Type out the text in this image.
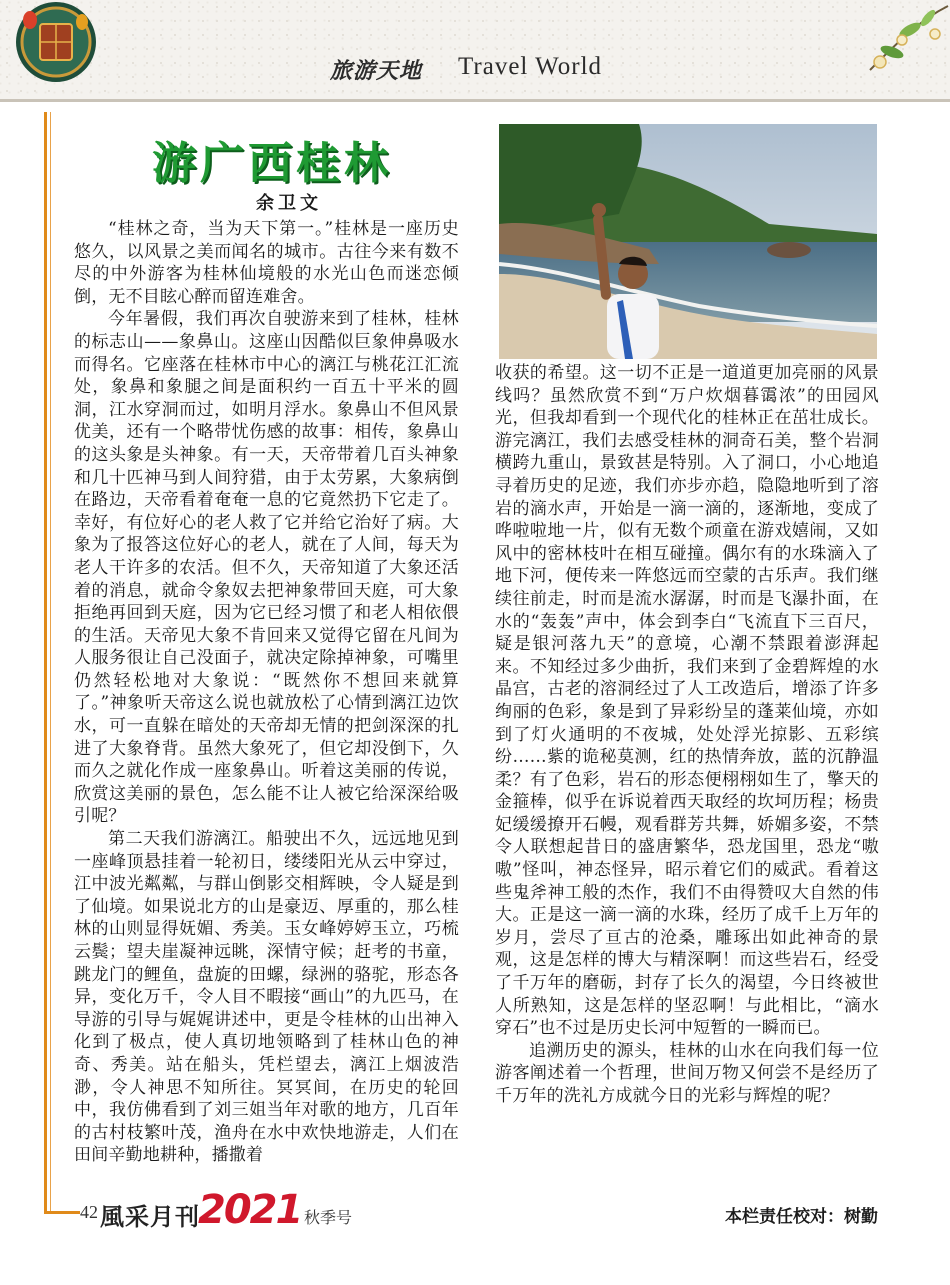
旅游天地 Travel World
游广西桂林
余卫文

“桂林之奇，当为天下第一。”桂林是一座历史悠久，以风景之美而闻名的城市。古往今来有数不尽的中外游客为桂林仙境般的水光山色而迷恋倾倒，无不目眩心醉而留连难舍。

今年暑假，我们再次自驶游来到了桂林，桂林的标志山——象鼻山。这座山因酷似巨象伸鼻吸水而得名。它座落在桂林市中心的漓江与桃花江汇流处，象鼻和象腿之间是面积约一百五十平米的圆洞，江水穿洞而过，如明月浮水。象鼻山不但风景优美，还有一个略带忧伤感的故事：相传，象鼻山的这头象是头神象。有一天，天帝带着几百头神象和几十匹神马到人间狩猎，由于太劳累，大象病倒在路边，天帝看着奄奄一息的它竟然扔下它走了。幸好，有位好心的老人救了它并给它治好了病。大象为了报答这位好心的老人，就在了人间，每天为老人干许多的农活。但不久，天帝知道了大象还活着的消息，就命令象奴去把神象带回天庭，可大象拒绝再回到天庭，因为它已经习惯了和老人相依偎的生活。天帝见大象不肯回来又觉得它留在凡间为人服务很让自己没面子，就决定除掉神象，可嘴里仍然轻松地对大象说：“既然你不想回来就算了。”神象听天帝这么说也就放松了心情到漓江边饮水，可一直躲在暗处的天帝却无情的把剑深深的扎进了大象脊背。虽然大象死了，但它却没倒下，久而久之就化作成一座象鼻山。听着这美丽的传说，欣赏这美丽的景色，怎么能不让人被它给深深给吸引呢？

第二天我们游漓江。船驶出不久，远远地见到一座峰顶悬挂着一轮初日，缕缕阳光从云中穿过，江中波光粼粼，与群山倒影交相辉映，令人疑是到了仙境。如果说北方的山是豪迈、厚重的，那么桂林的山则显得妩媚、秀美。玉女峰婷婷玉立，巧梳云鬓；望夫崖凝神远眺，深情守候；赶考的书童，跳龙门的鲤鱼，盘旋的田螺，绿洲的骆驼，形态各异，变化万千，令人目不暇接“画山”的九匹马，在导游的引导与娓娓讲述中，更是令桂林的山出神入化到了极点，使人真切地领略到了桂林山色的神奇、秀美。站在船头，凭栏望去，漓江上烟波浩渺，令人神思不知所往。冥冥间，在历史的轮回中，我仿佛看到了刘三姐当年对歌的地方，几百年的古村枝繁叶茂，渔舟在水中欢快地游走，人们在田间辛勤地耕种，播撒着

收获的希望。这一切不正是一道道更加亮丽的风景线吗？虽然欣赏不到“万户炊烟暮霭浓”的田园风光，但我却看到一个现代化的桂林正在茁壮成长。游完漓江，我们去感受桂林的洞奇石美，整个岩洞横跨九重山，景致甚是特别。入了洞口，小心地追寻着历史的足迹，我们亦步亦趋，隐隐地听到了溶岩的滴水声，开始是一滴一滴的，逐渐地，变成了哗啦啦地一片，似有无数个顽童在游戏嬉闹，又如风中的密林枝叶在相互碰撞。偶尔有的水珠滴入了地下河，便传来一阵悠远而空蒙的古乐声。我们继续往前走，时而是流水潺潺，时而是飞瀑扑面，在水的“轰轰”声中，体会到李白“飞流直下三百尺，疑是银河落九天”的意境，心潮不禁跟着澎湃起来。不知经过多少曲折，我们来到了金碧辉煌的水晶宫，古老的溶洞经过了人工改造后，增添了许多绚丽的色彩，象是到了异彩纷呈的蓬莱仙境，亦如到了灯火通明的不夜城，处处浮光掠影、五彩缤纷……紫的诡秘莫测，红的热情奔放，蓝的沉静温柔？有了色彩，岩石的形态便栩栩如生了，擎天的金箍棒，似乎在诉说着西天取经的坎坷历程；杨贵妃缓缓撩开石幔，观看群芳共舞，娇媚多姿，不禁令人联想起昔日的盛唐繁华，恐龙国里，恐龙“嗷嗷”怪叫，神态怪异，昭示着它们的威武。看着这些鬼斧神工般的杰作，我们不由得赞叹大自然的伟大。正是这一滴一滴的水珠，经历了成千上万年的岁月，尝尽了亘古的沧桑，雕琢出如此神奇的景观，这是怎样的博大与精深啊！而这些岩石，经受了千万年的磨砺，封存了长久的渴望，今日终被世人所熟知，这是怎样的坚忍啊！与此相比，“滴水穿石”也不过是历史长河中短暂的一瞬而已。

追溯历史的源头，桂林的山水在向我们每一位游客阐述着一个哲理，世间万物又何尝不是经历了千万年的洗礼方成就今日的光彩与辉煌的呢？

42 風采月刊
2021 秋季号	本栏责任校对：树勤
